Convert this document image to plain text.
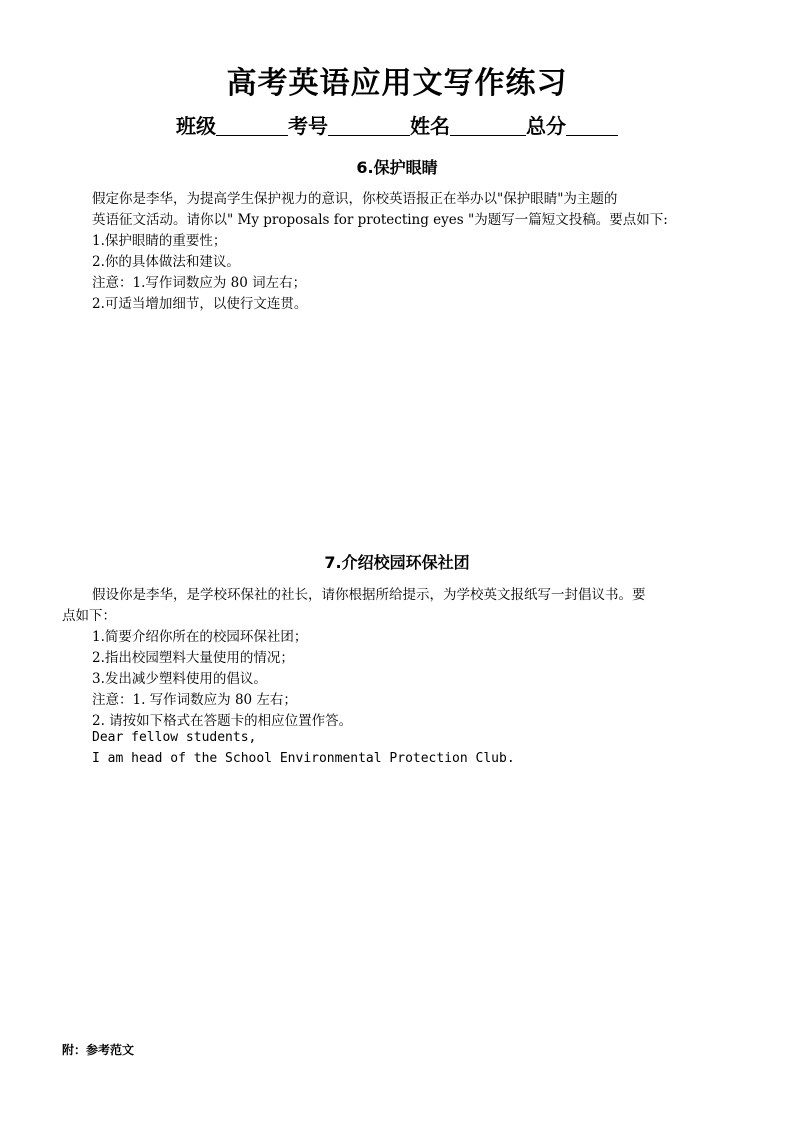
高考英语应用文写作练习
班级	考号	姓名	总分
6.保护眼睛
假定你是李华，为提高学生保护视力的意识，你校英语报正在举办以"保护眼睛"为主题的
英语征文活动。请你以" My proposals for protecting eyes "为题写一篇短文投稿。要点如下:
1.保护眼睛的重要性；
2.你的具体做法和建议。
注意：1.写作词数应为 80 词左右；
2.可适当增加细节，以使行文连贯。
7.介绍校园环保社团
假设你是李华，是学校环保社的社长，请你根据所给提示，为学校英文报纸写一封倡议书。要
点如下：
1.简要介绍你所在的校园环保社团；
2.指出校园塑料大量使用的情况；
3.发出减少塑料使用的倡议。
注意：1. 写作词数应为 80 左右；
2. 请按如下格式在答题卡的相应位置作答。
Dear fellow students,
I am head of the School Environmental Protection Club.
附：参考范文
